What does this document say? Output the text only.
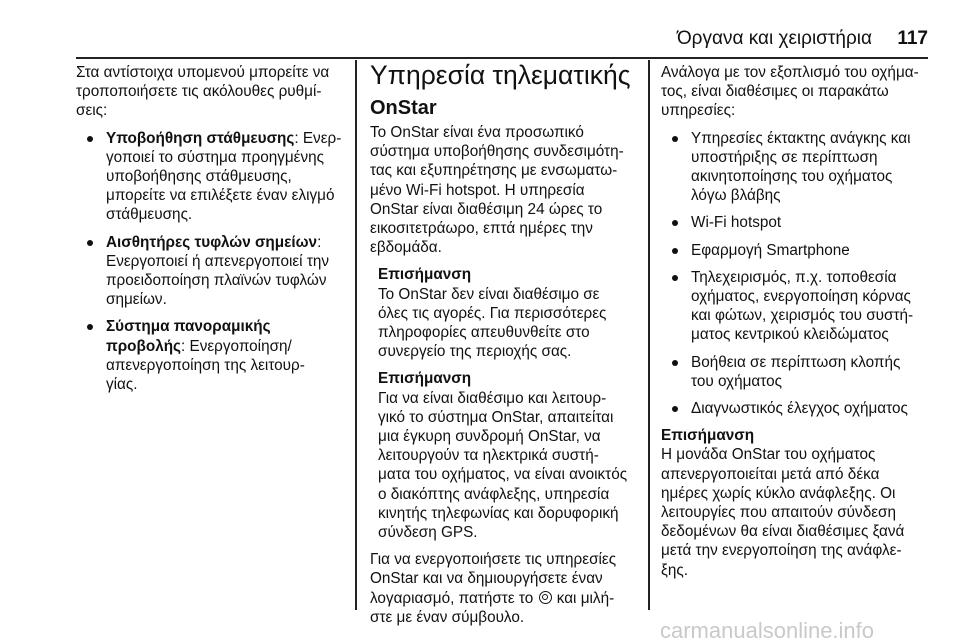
Όργανα και χειριστήρια 117

Στα αντίστοιχα υπομενού μπορείτε να
τροποποιήσετε τις ακόλουθες ρυθμί-
σεις:

Υποβοήθηση στάθμευσης: Ενερ-
γοποιεί το σύστημα προηγμένης
υποβοήθησης στάθμευσης,
μπορείτε να επιλέξετε έναν ελιγμό
στάθμευσης.
Αισθητήρες τυφλών σημείων:
Ενεργοποιεί ή απενεργοποιεί την
προειδοποίηση πλαϊνών τυφλών
σημείων.
Σύστημα πανοραμικής
προβολής: Ενεργοποίηση/
απενεργοποίηση της λειτουρ-
γίας.
Υπηρεσία τηλεματικής
OnStar

Το OnStar είναι ένα προσωπικό
σύστημα υποβοήθησης συνδεσιμότη-
τας και εξυπηρέτησης με ενσωματω-
μένο Wi-Fi hotspot. Η υπηρεσία
OnStar είναι διαθέσιμη 24 ώρες το
εικοσιτετράωρο, επτά ημέρες την
εβδομάδα.

Επισήμανση
Το OnStar δεν είναι διαθέσιμο σε
όλες τις αγορές. Για περισσότερες
πληροφορίες απευθυνθείτε στο
συνεργείο της περιοχής σας.
Επισήμανση
Για να είναι διαθέσιμο και λειτουρ-
γικό το σύστημα OnStar, απαιτείται
μια έγκυρη συνδρομή OnStar, να
λειτουργούν τα ηλεκτρικά συστή-
ματα του οχήματος, να είναι ανοικτός
ο διακόπτης ανάφλεξης, υπηρεσία
κινητής τηλεφωνίας και δορυφορική
σύνδεση GPS.

Για να ενεργοποιήσετε τις υπηρεσίες
OnStar και να δημιουργήσετε έναν
λογαριασμό, πατήστε το  και μιλή-
στε με έναν σύμβουλο.

Ανάλογα με τον εξοπλισμό του οχήμα-
τος, είναι διαθέσιμες οι παρακάτω
υπηρεσίες:

Υπηρεσίες έκτακτης ανάγκης και
υποστήριξης σε περίπτωση
ακινητοποίησης του οχήματος
λόγω βλάβης
Wi-Fi hotspot
Εφαρμογή Smartphone
Τηλεχειρισμός, π.χ. τοποθεσία
οχήματος, ενεργοποίηση κόρνας
και φώτων, χειρισμός του συστή-
ματος κεντρικού κλειδώματος
Βοήθεια σε περίπτωση κλοπής
του οχήματος
Διαγνωστικός έλεγχος οχήματος
Επισήμανση
Η μονάδα OnStar του οχήματος
απενεργοποιείται μετά από δέκα
ημέρες χωρίς κύκλο ανάφλεξης. Οι
λειτουργίες που απαιτούν σύνδεση
δεδομένων θα είναι διαθέσιμες ξανά
μετά την ενεργοποίηση της ανάφλε-
ξης.
carmanualsonline.info
